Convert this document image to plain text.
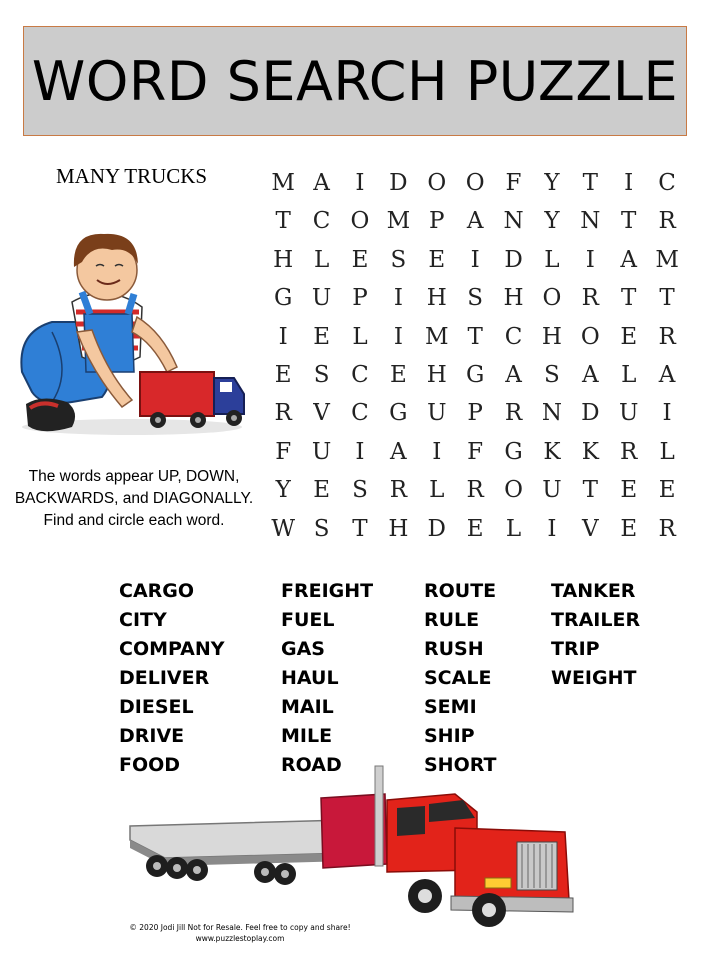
WORD SEARCH PUZZLE
MANY TRUCKS
The words appear UP, DOWN,
BACKWARDS, and DIAGONALLY.
Find and circle each word.
M A	I	D O O F Y	T	I	C
T C O M P A N Y N T R
H L E S E	I	D L	I	A M
G U P	I	H S H O R T	T
I	E L	I M T C H O E R
E S C E H G A S A L A
R V C G U P R N D U	I
F U	I	A	I	F G K K R L
Y E S R L R O U T E E
W S T H D E L	I	V E R
CARGO
CITY
COMPANY
DELIVER
DIESEL
DRIVE
FOOD
FREIGHT
FUEL
GAS
HAUL
MAIL
MILE
ROAD
ROUTE
RULE
RUSH
SCALE
SEMI
SHIP
SHORT
TANKER
TRAILER
TRIP
WEIGHT
© 2020 Jodi Jill Not for Resale. Feel free to copy and share!
www.puzzlestoplay.com
